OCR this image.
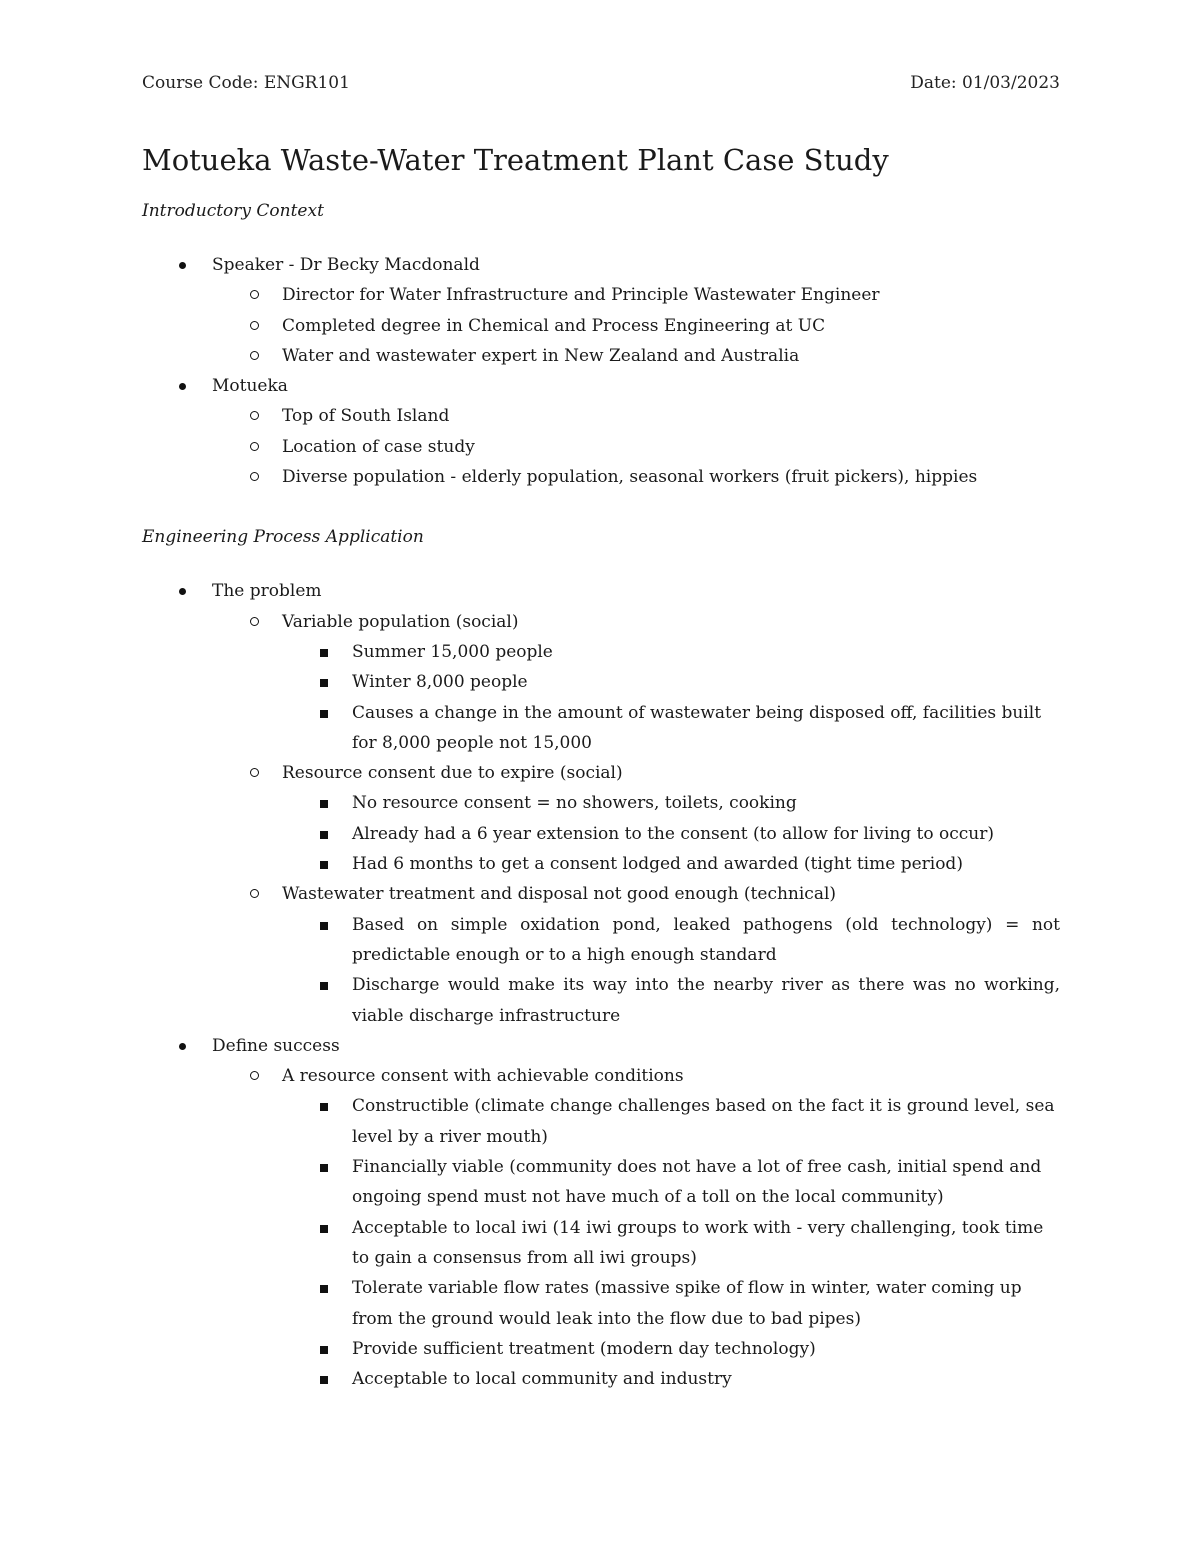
Course Code: ENGR101	Date: 01/03/2023
Motueka Waste-Water Treatment Plant Case Study

Introductory Context

Speaker - Dr Becky Macdonald
Director for Water Infrastructure and Principle Wastewater Engineer
Completed degree in Chemical and Process Engineering at UC
Water and wastewater expert in New Zealand and Australia
Motueka
Top of South Island
Location of case study
Diverse population - elderly population, seasonal workers (fruit pickers), hippies

Engineering Process Application

The problem
Variable population (social)
Summer 15,000 people
Winter 8,000 people
Causes a change in the amount of wastewater being disposed off, facilities built for 8,000 people not 15,000
Resource consent due to expire (social)
No resource consent = no showers, toilets, cooking
Already had a 6 year extension to the consent (to allow for living to occur)
Had 6 months to get a consent lodged and awarded (tight time period)
Wastewater treatment and disposal not good enough (technical)
Based on simple oxidation pond, leaked pathogens (old technology) = not predictable enough or to a high enough standard
Discharge would make its way into the nearby river as there was no working, viable discharge infrastructure
Define success
A resource consent with achievable conditions
Constructible (climate change challenges based on the fact it is ground level, sea level by a river mouth)
Financially viable (community does not have a lot of free cash, initial spend and ongoing spend must not have much of a toll on the local community)
Acceptable to local iwi (14 iwi groups to work with - very challenging, took time to gain a consensus from all iwi groups)
Tolerate variable flow rates (massive spike of flow in winter, water coming up from the ground would leak into the flow due to bad pipes)
Provide sufficient treatment (modern day technology)
Acceptable to local community and industry
